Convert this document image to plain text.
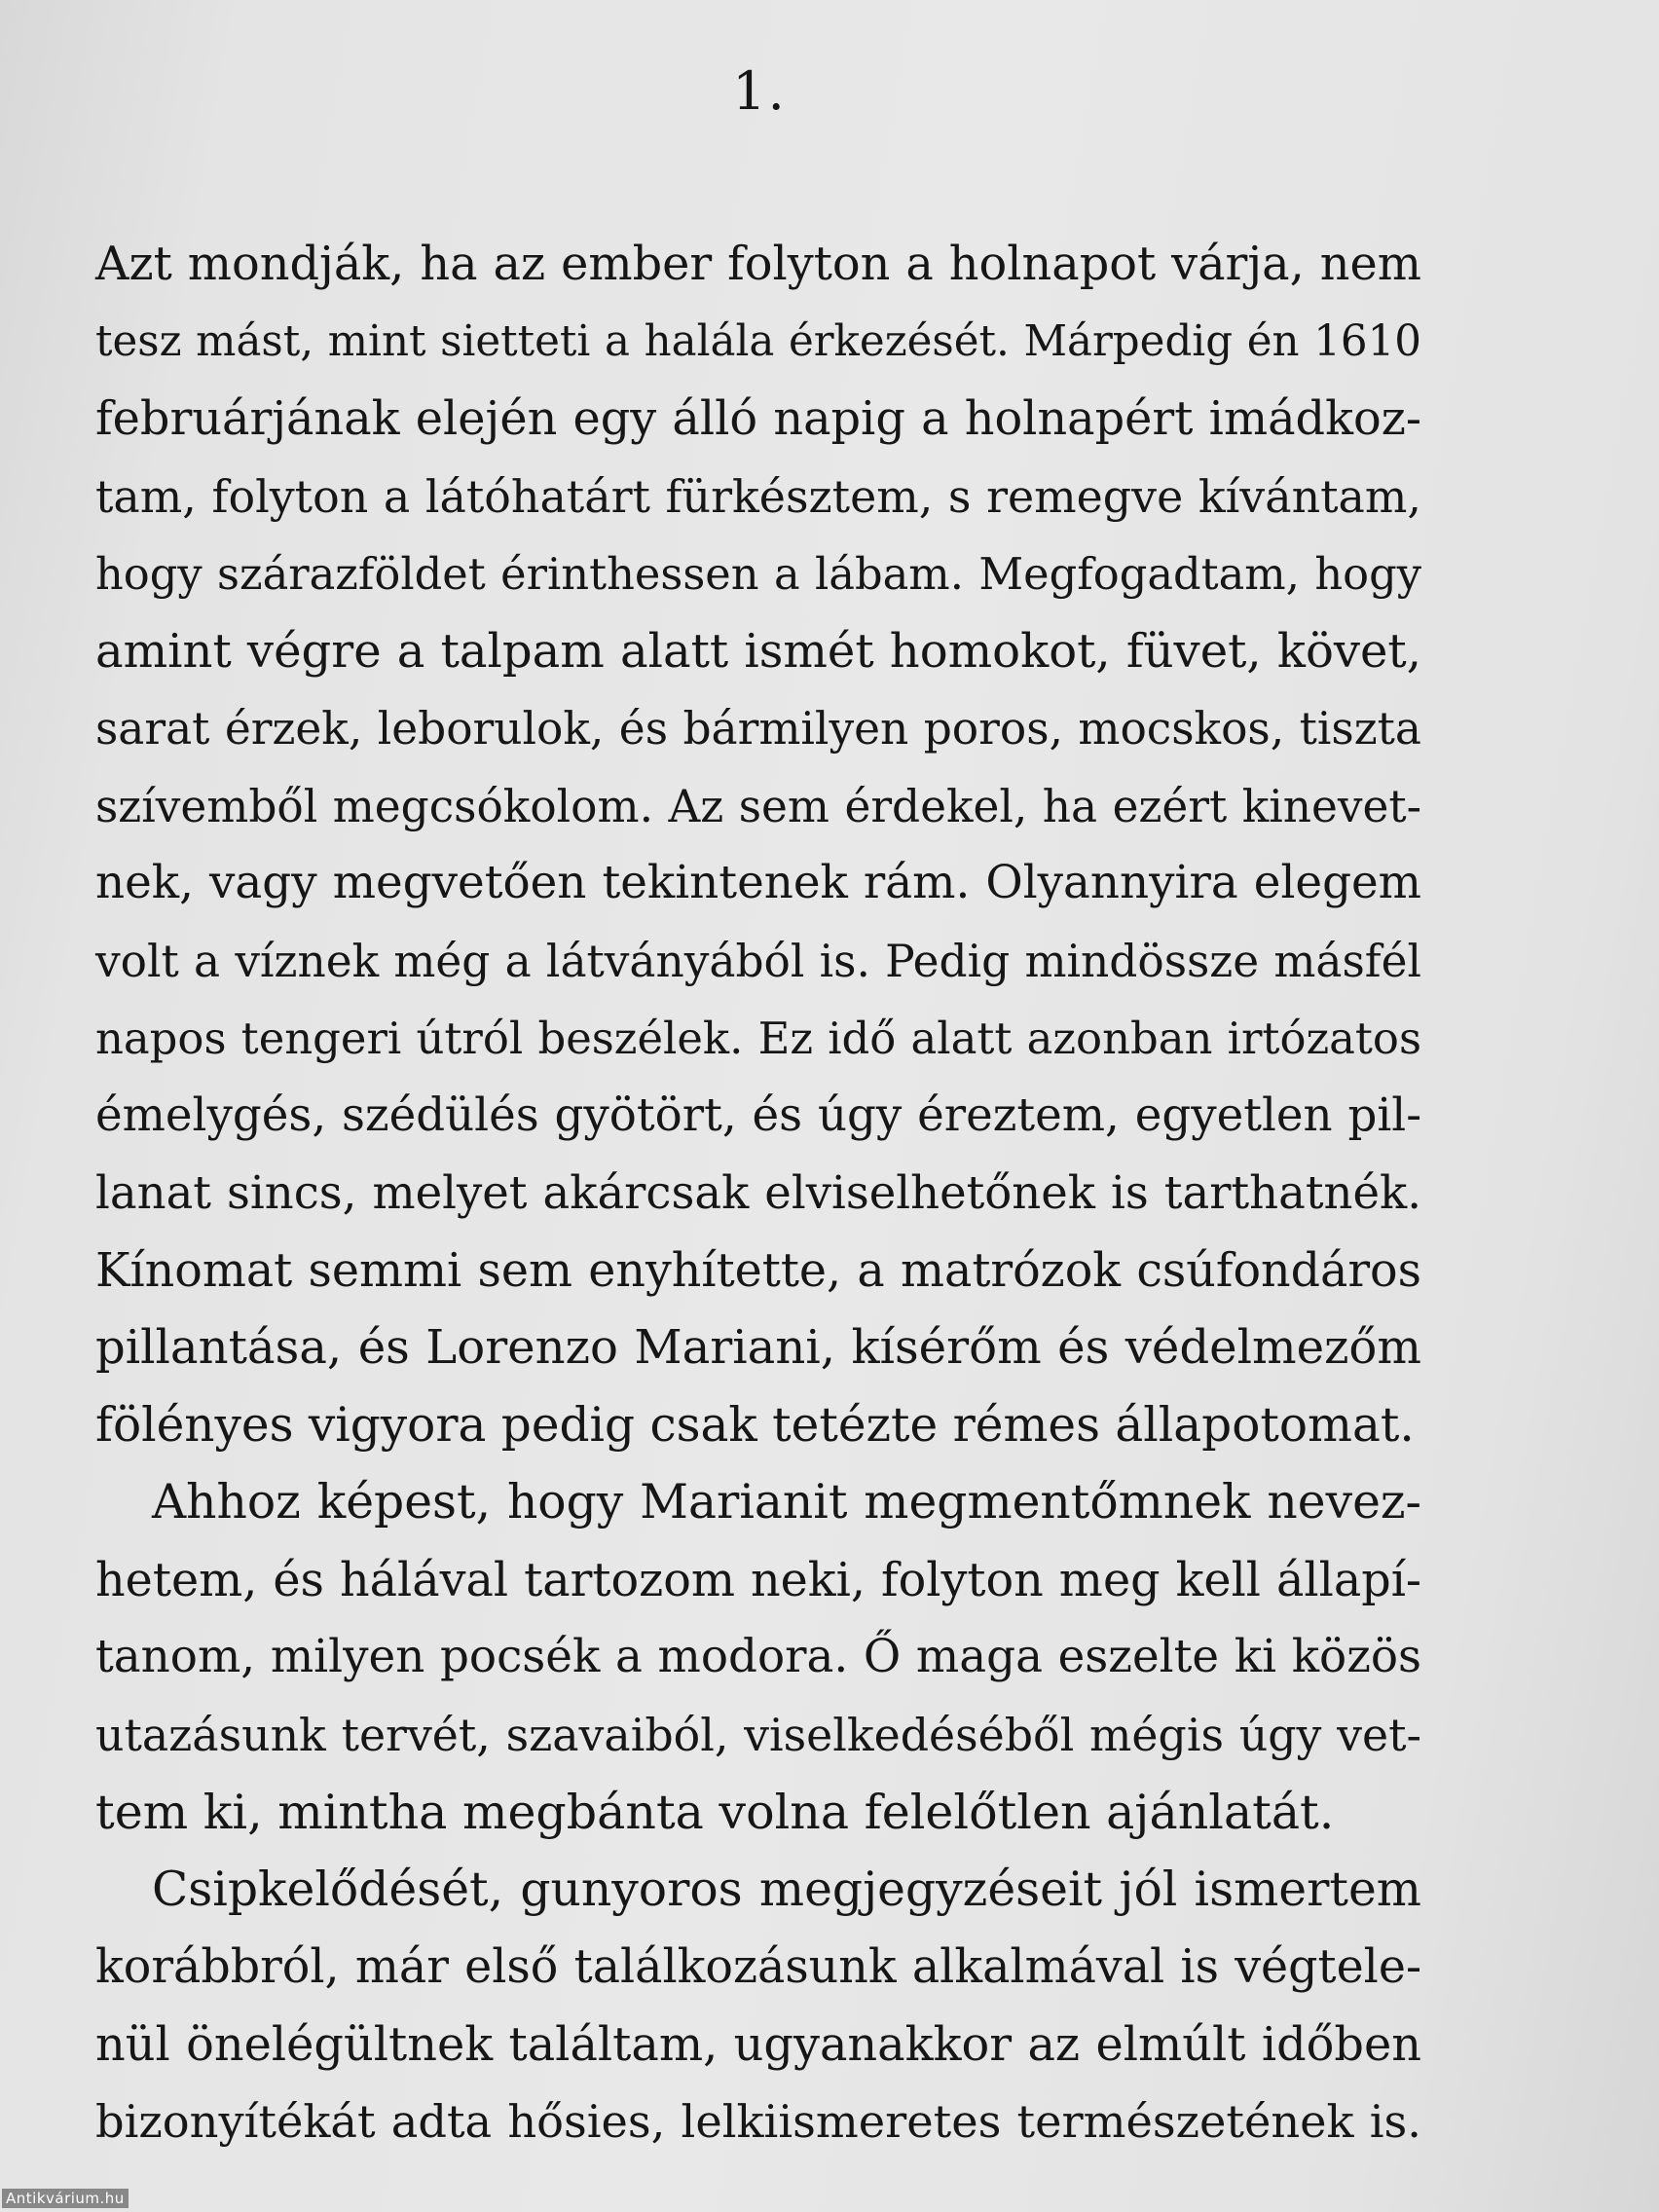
1.
Azt mondják, ha az ember folyton a holnapot várja, nem
tesz mást, mint sietteti a halála érkezését. Márpedig én 1610
februárjának elején egy álló napig a holnapért imádkoz-
tam, folyton a látóhatárt fürkésztem, s remegve kívántam,
hogy szárazföldet érinthessen a lábam. Megfogadtam, hogy
amint végre a talpam alatt ismét homokot, füvet, követ,
sarat érzek, leborulok, és bármilyen poros, mocskos, tiszta
szívemből megcsókolom. Az sem érdekel, ha ezért kinevet-
nek, vagy megvetően tekintenek rám. Olyannyira elegem
volt a víznek még a látványából is. Pedig mindössze másfél
napos tengeri útról beszélek. Ez idő alatt azonban irtózatos
émelygés, szédülés gyötört, és úgy éreztem, egyetlen pil-
lanat sincs, melyet akárcsak elviselhetőnek is tarthatnék.
Kínomat semmi sem enyhítette, a matrózok csúfondáros
pillantása, és Lorenzo Mariani, kísérőm és védelmezőm
fölényes vigyora pedig csak tetézte rémes állapotomat.
Ahhoz képest, hogy Marianit megmentőmnek nevez-
hetem, és hálával tartozom neki, folyton meg kell állapí-
tanom, milyen pocsék a modora. Ő maga eszelte ki közös
utazásunk tervét, szavaiból, viselkedéséből mégis úgy vet-
tem ki, mintha megbánta volna felelőtlen ajánlatát.
Csipkelődését, gunyoros megjegyzéseit jól ismertem
korábbról, már első találkozásunk alkalmával is végtele-
nül önelégültnek találtam, ugyanakkor az elmúlt időben
bizonyítékát adta hősies, lelkiismeretes természetének is.
Antikvárium.hu
